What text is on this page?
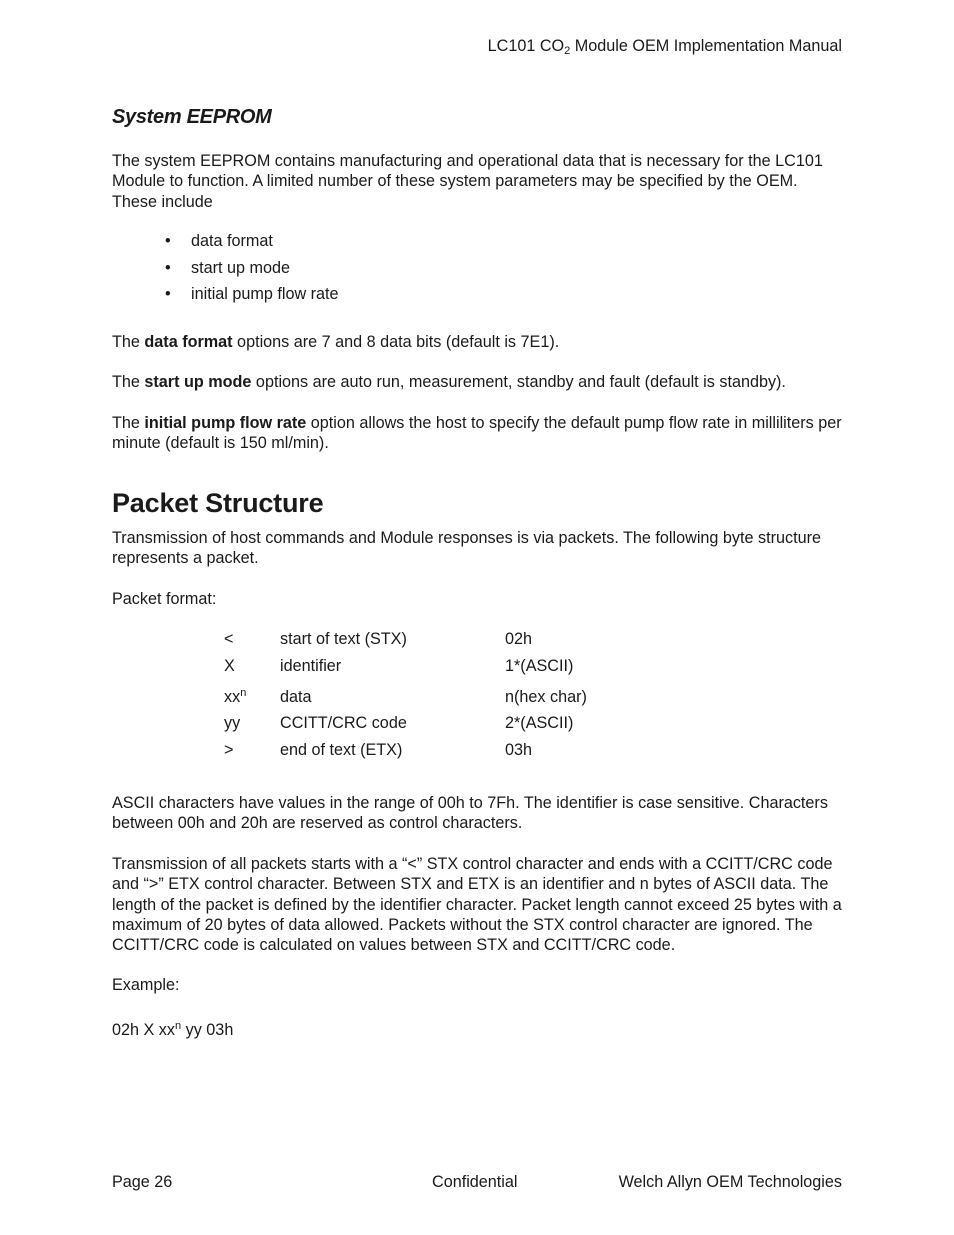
LC101 $CO_2$ Module OEM Implementation Manual
System EEPROM

The system EEPROM contains manufacturing and operational data that is necessary for the LC101 Module to function. A limited number of these system parameters may be specified by the OEM. These include

• data format
• start up mode
• initial pump flow rate

The data format options are 7 and 8 data bits (default is 7E1).

The start up mode options are auto run, measurement, standby and fault (default is standby).

The initial pump flow rate option allows the host to specify the default pump flow rate in milliliters per minute (default is 150 ml/min).

Packet Structure

Transmission of host commands and Module responses is via packets. The following byte structure represents a packet.

Packet format:

<	start of text (STX)	02h
X	identifier	1*(ASCII)
$xx^n$ data	n(hex char)
yy CCITT/CRC code	2*(ASCII)
>	end of text (ETX)	03h

ASCII characters have values in the range of 00h to 7Fh. The identifier is case sensitive. Characters between 00h and 20h are reserved as control characters.

Transmission of all packets starts with a “<” STX control character and ends with a CCITT/CRC code and “>” ETX control character. Between STX and ETX is an identifier and n bytes of ASCII data. The length of the packet is defined by the identifier character. Packet length cannot exceed 25 bytes with a maximum of 20 bytes of data allowed. Packets without the STX control character are ignored. The CCITT/CRC code is calculated on values between STX and CCITT/CRC code.

Example:

02h X $xx^n$ yy 03h

Page 26	Confidential	Welch Allyn OEM Technologies
